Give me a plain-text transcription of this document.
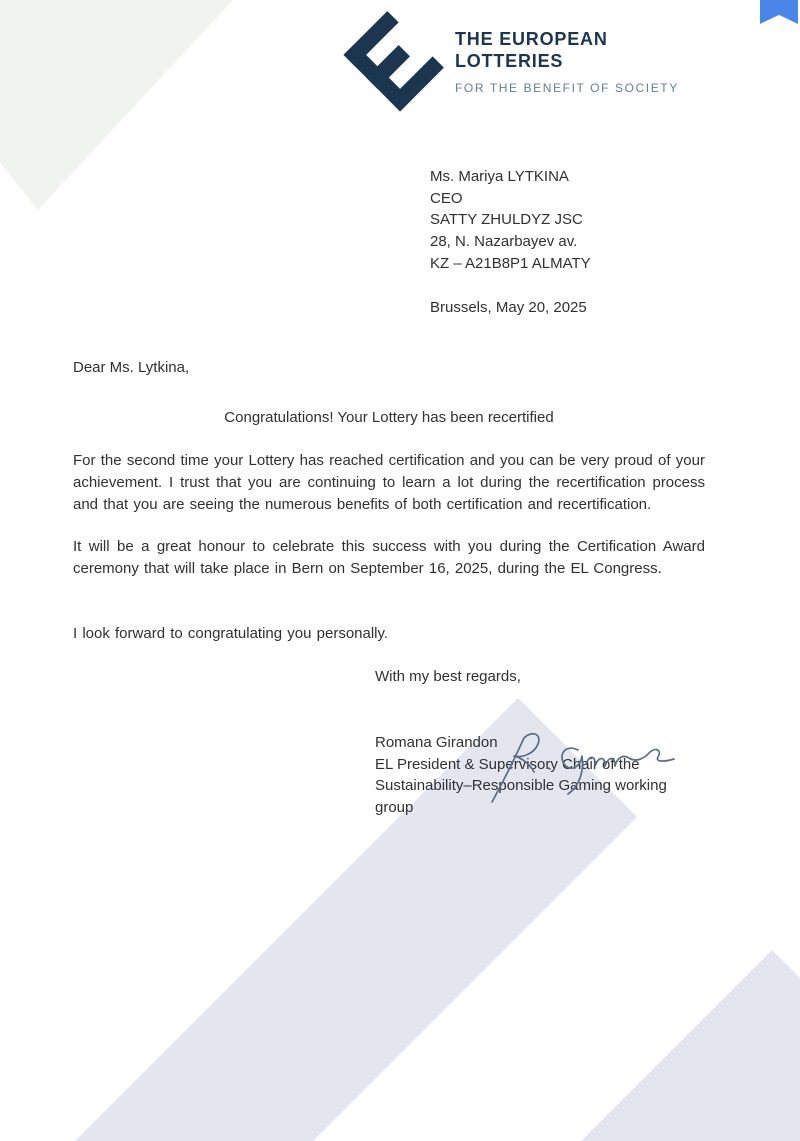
THE EUROPEAN
LOTTERIES
FOR THE BENEFIT OF SOCIETY
Ms. Mariya LYTKINA
CEO
SATTY ZHULDYZ JSC
28, N. Nazarbayev av.
KZ – A21B8P1 ALMATY
Brussels, May 20, 2025
Dear Ms. Lytkina,
Congratulations! Your Lottery has been recertified
For the second time your Lottery has reached certification and you can be very proud of your achievement. I trust that you are continuing to learn a lot during the recertification process and that you are seeing the numerous benefits of both certification and recertification.
It will be a great honour to celebrate this success with you during the Certification Award ceremony that will take place in Bern on September 16, 2025, during the EL Congress.
I look forward to congratulating you personally.
With my best regards,
Romana Girandon
EL President & Supervisory Chair of the
Sustainability–Responsible Gaming working group
